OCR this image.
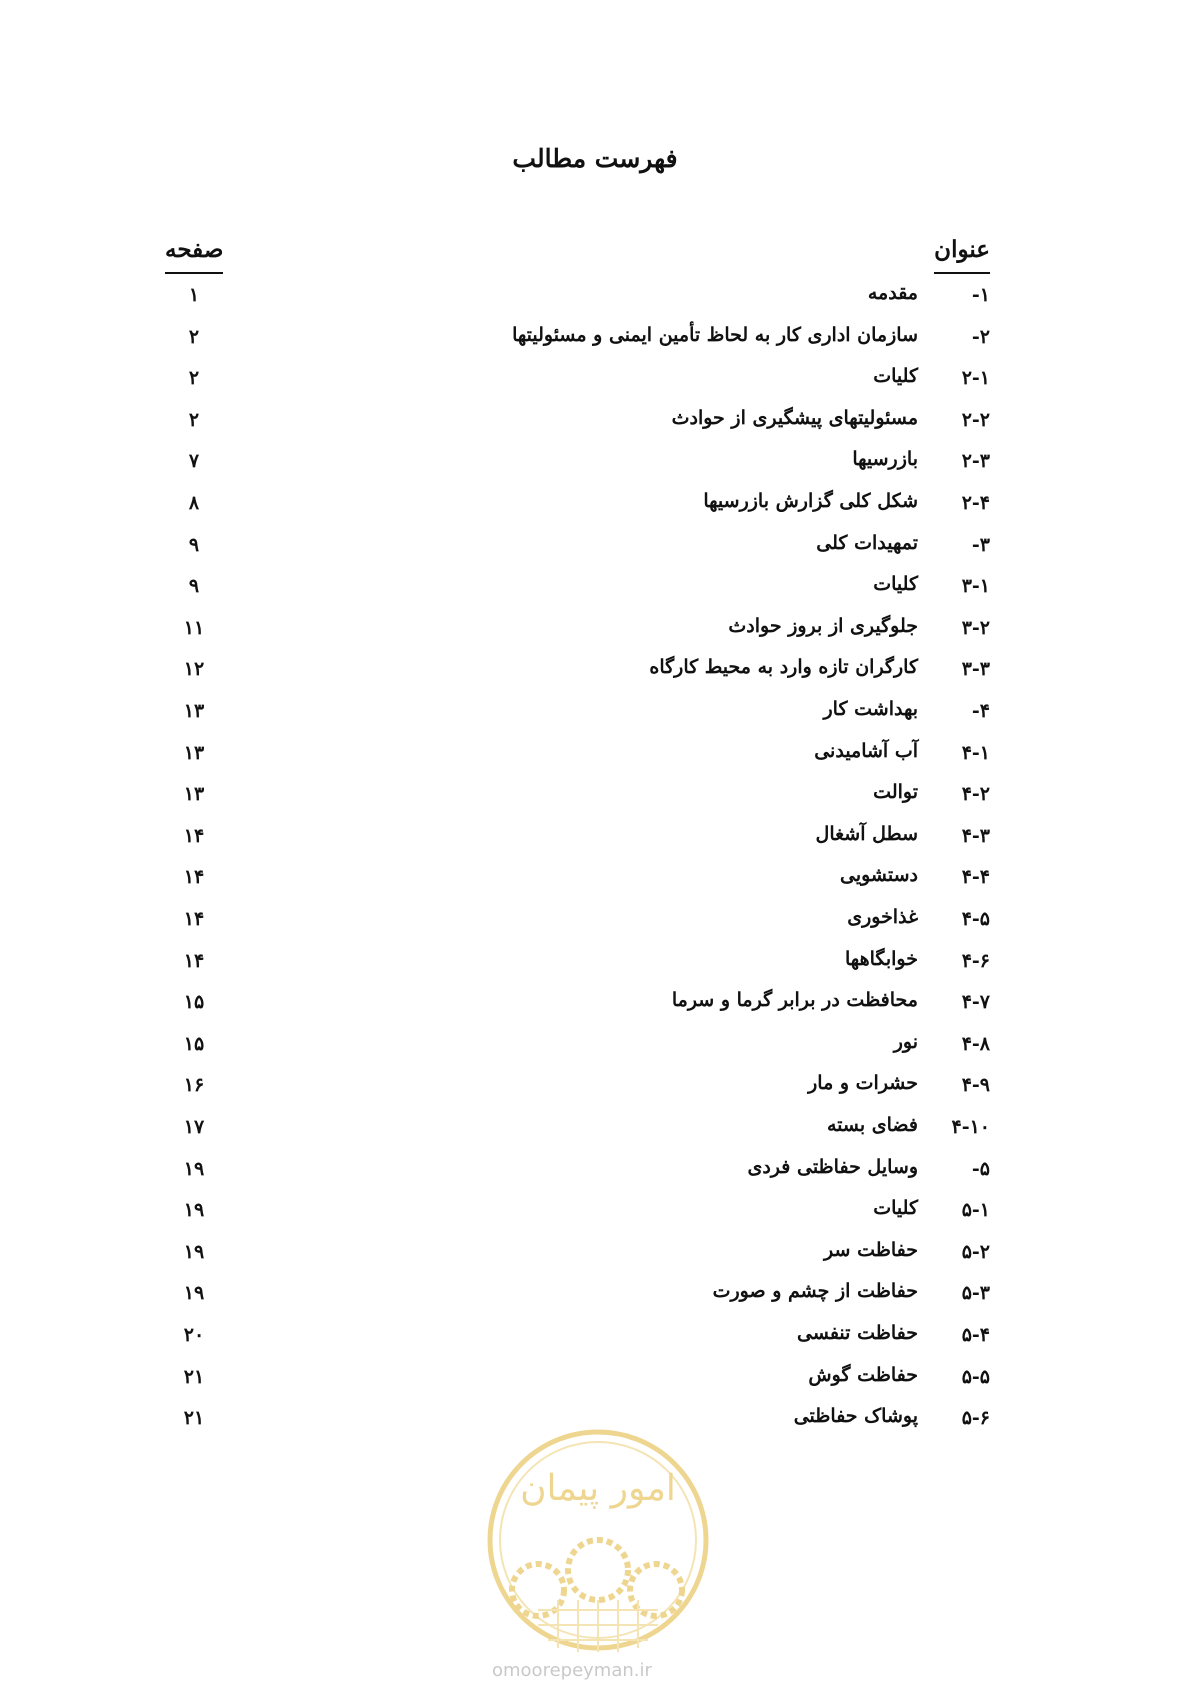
فهرست مطالب
عنوان
صفحه
۱-
مقدمه
۱
۲-
سازمان اداری کار به لحاظ تأمین ایمنی و مسئولیتها
۲
۲-۱
کلیات
۲
۲-۲
مسئولیتهای پیشگیری از حوادث
۲
۲-۳
بازرسیها
۷
۲-۴
شکل کلی گزارش بازرسیها
۸
۳-
تمهیدات کلی
۹
۳-۱
کلیات
۹
۳-۲
جلوگیری از بروز حوادث
۱۱
۳-۳
کارگران تازه وارد به محیط کارگاه
۱۲
۴-
بهداشت کار
۱۳
۴-۱
آب آشامیدنی
۱۳
۴-۲
توالت
۱۳
۴-۳
سطل آشغال
۱۴
۴-۴
دستشویی
۱۴
۴-۵
غذاخوری
۱۴
۴-۶
خوابگاهها
۱۴
۴-۷
محافظت در برابر گرما و سرما
۱۵
۴-۸
نور
۱۵
۴-۹
حشرات و مار
۱۶
۴-۱۰
فضای بسته
۱۷
۵-
وسایل حفاظتی فردی
۱۹
۵-۱
کلیات
۱۹
۵-۲
حفاظت سر
۱۹
۵-۳
حفاظت از چشم و صورت
۱۹
۵-۴
حفاظت تنفسی
۲۰
۵-۵
حفاظت گوش
۲۱
۵-۶
پوشاک حفاظتی
۲۱
امور پیمان
omoorepeyman.ir
